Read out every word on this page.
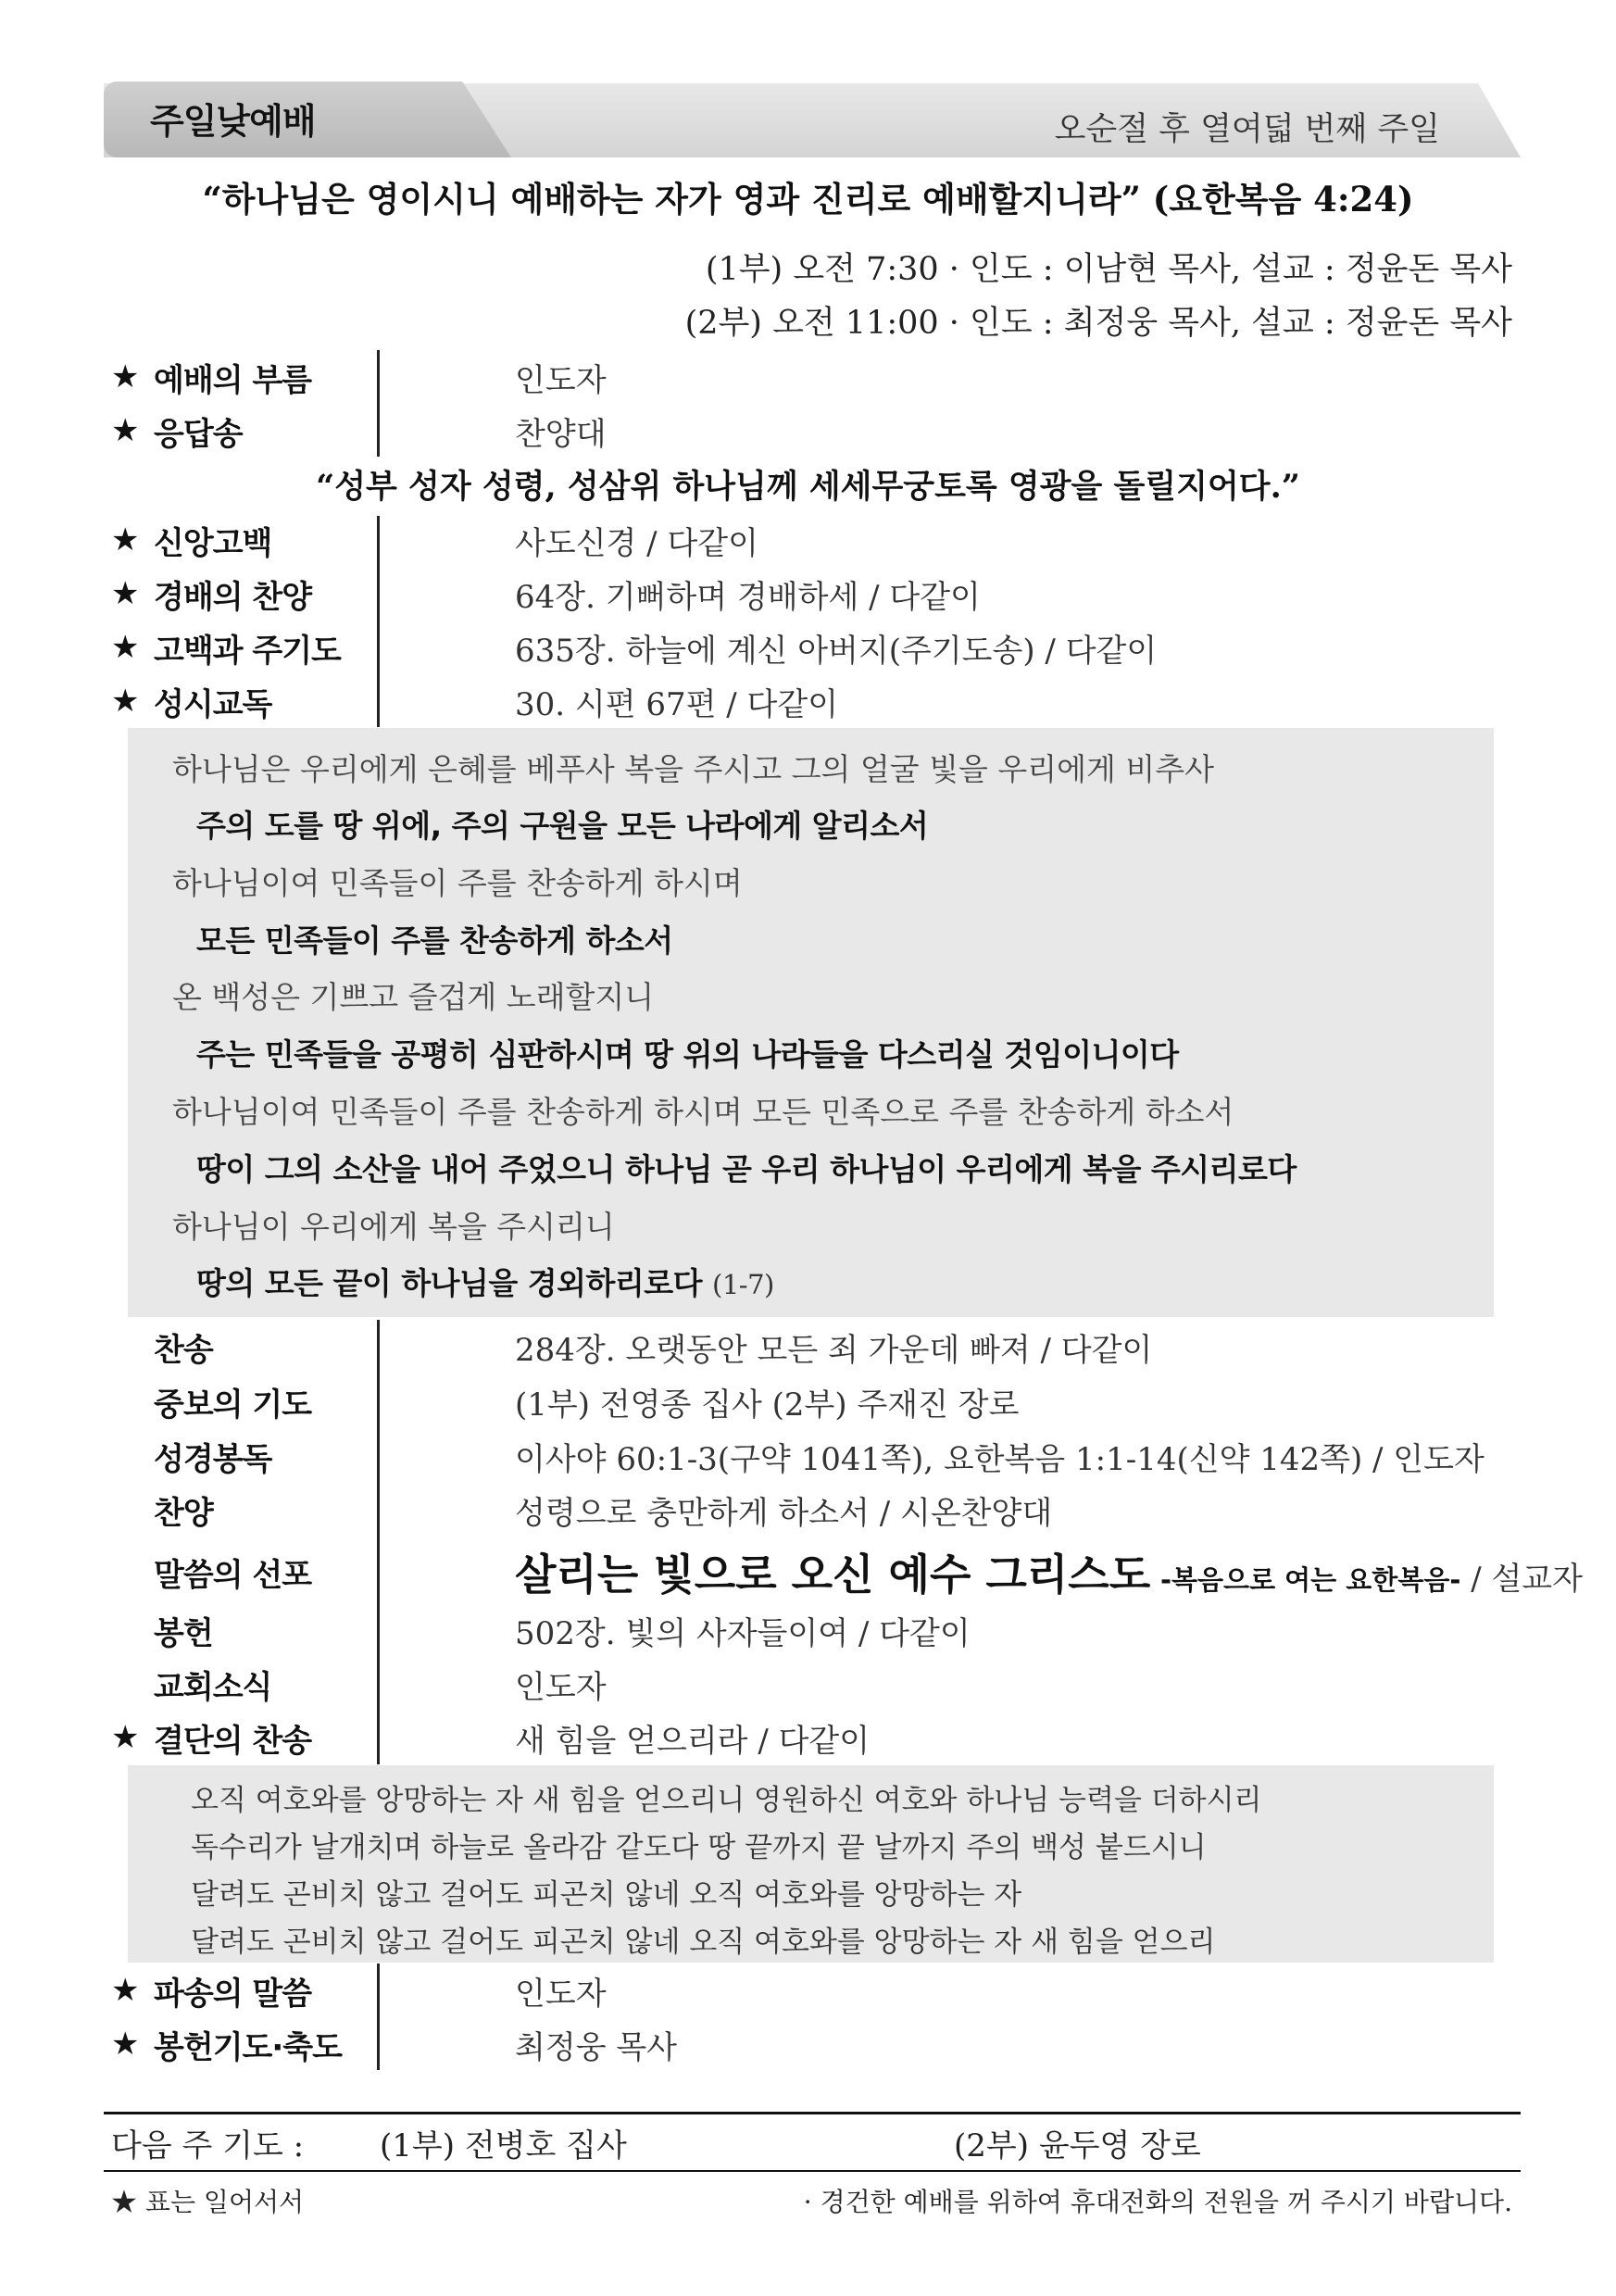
주일낮예배	오순절 후 열여덟 번째 주일
“하나님은 영이시니 예배하는 자가 영과 진리로 예배할지니라” (요한복음 4:24)
(1부) 오전 7:30 · 인도 : 이남현 목사, 설교 : 정윤돈 목사
(2부) 오전 11:00 · 인도 : 최정웅 목사, 설교 : 정윤돈 목사
★ 예배의 부름	인도자
★ 응답송	찬양대
“성부 성자 성령, 성삼위 하나님께 세세무궁토록 영광을 돌릴지어다.”
★ 신앙고백	사도신경 / 다같이
★ 경배의 찬양	64장. 기뻐하며 경배하세 / 다같이
★ 고백과 주기도	635장. 하늘에 계신 아버지(주기도송) / 다같이
★ 성시교독	30. 시편 67편 / 다같이
하나님은 우리에게 은혜를 베푸사 복을 주시고 그의 얼굴 빛을 우리에게 비추사
주의 도를 땅 위에, 주의 구원을 모든 나라에게 알리소서
하나님이여 민족들이 주를 찬송하게 하시며
모든 민족들이 주를 찬송하게 하소서
온 백성은 기쁘고 즐겁게 노래할지니
주는 민족들을 공평히 심판하시며 땅 위의 나라들을 다스리실 것임이니이다
하나님이여 민족들이 주를 찬송하게 하시며 모든 민족으로 주를 찬송하게 하소서
땅이 그의 소산을 내어 주었으니 하나님 곧 우리 하나님이 우리에게 복을 주시리로다
하나님이 우리에게 복을 주시리니
땅의 모든 끝이 하나님을 경외하리로다 (1-7)
찬송	284장. 오랫동안 모든 죄 가운데 빠져 / 다같이
중보의 기도	(1부) 전영종 집사 (2부) 주재진 장로
성경봉독	이사야 60:1-3(구약 1041쪽), 요한복음 1:1-14(신약 142쪽) / 인도자
찬양	성령으로 충만하게 하소서 / 시온찬양대
말씀의 선포	살리는 빛으로 오신 예수 그리스도 -복음으로 여는 요한복음- / 설교자
봉헌	502장. 빛의 사자들이여 / 다같이
교회소식	인도자
★ 결단의 찬송	새 힘을 얻으리라 / 다같이
오직 여호와를 앙망하는 자 새 힘을 얻으리니 영원하신 여호와 하나님 능력을 더하시리
독수리가 날개치며 하늘로 올라감 같도다 땅 끝까지 끝 날까지 주의 백성 붙드시니
달려도 곤비치 않고 걸어도 피곤치 않네 오직 여호와를 앙망하는 자
달려도 곤비치 않고 걸어도 피곤치 않네 오직 여호와를 앙망하는 자 새 힘을 얻으리
★ 파송의 말씀	인도자
★ 봉헌기도·축도	최정웅 목사
다음 주 기도 : (1부) 전병호 집사	(2부) 윤두영 장로
★ 표는 일어서서	· 경건한 예배를 위하여 휴대전화의 전원을 꺼 주시기 바랍니다.
